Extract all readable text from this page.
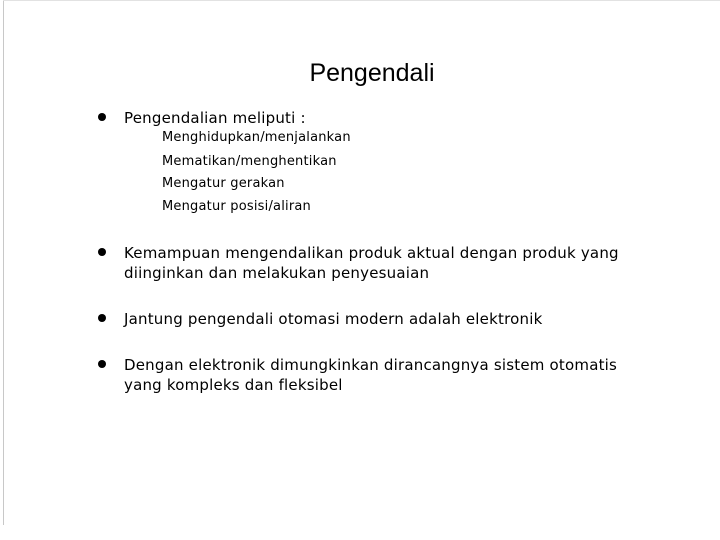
Pengendali
Pengendalian meliputi :
Menghidupkan/menjalankan
Mematikan/menghentikan
Mengatur gerakan
Mengatur posisi/aliran
Kemampuan mengendalikan produk aktual dengan produk yang diinginkan dan melakukan penyesuaian
Jantung pengendali otomasi modern adalah elektronik
Dengan elektronik dimungkinkan dirancangnya sistem otomatis yang kompleks dan fleksibel
